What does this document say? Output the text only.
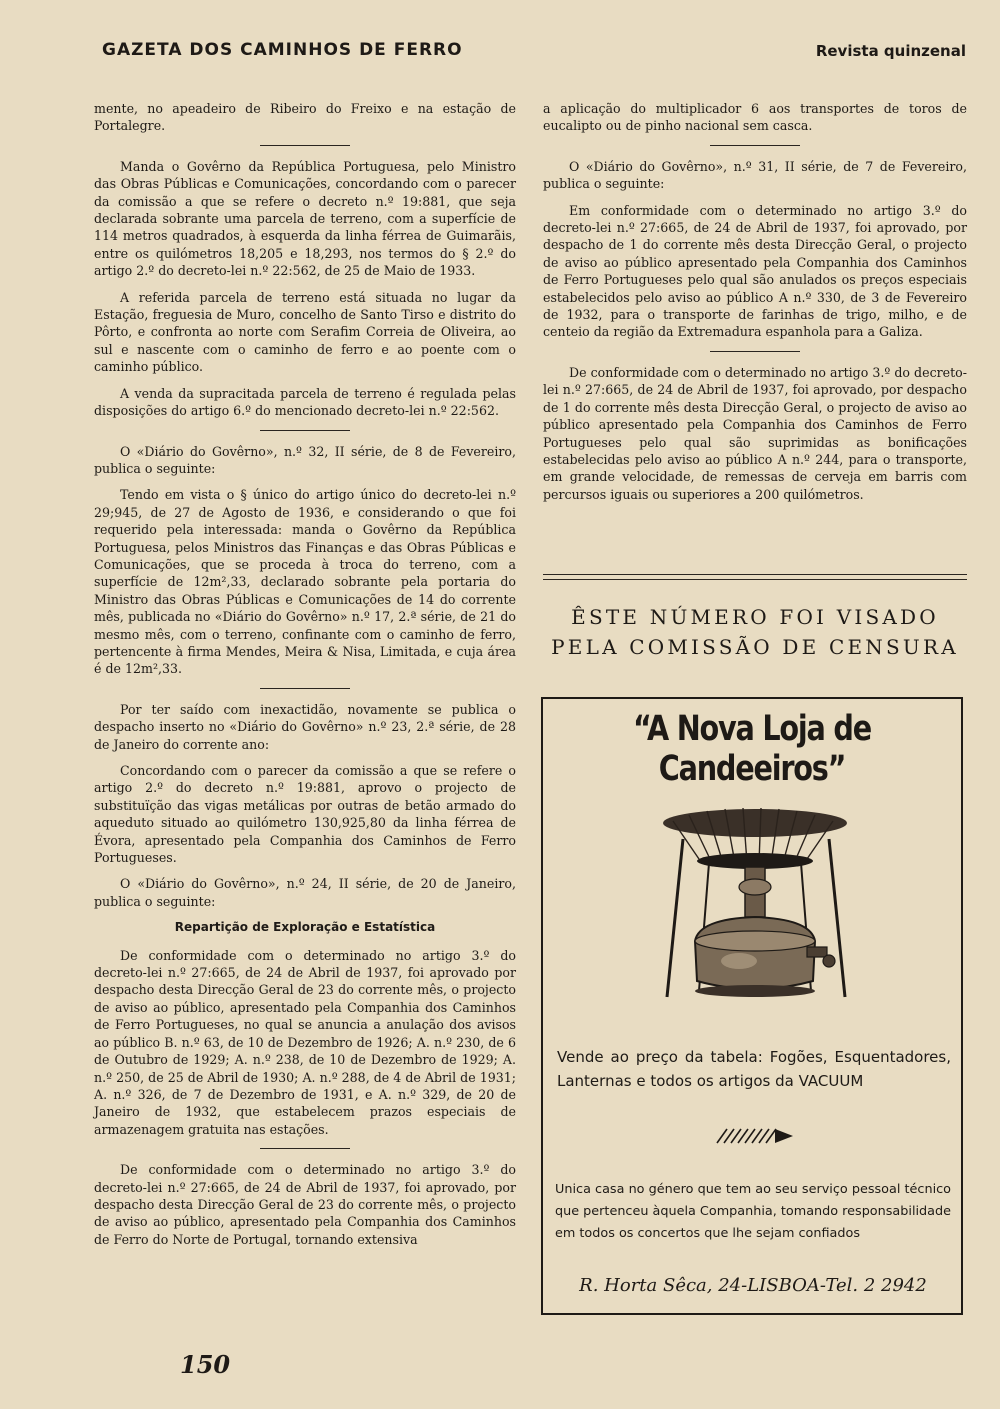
GAZETA DOS CAMINHOS DE FERRO	Revista quinzenal

mente, no apeadeiro de Ribeiro do Freixo e na estação de Portalegre.

Manda o Govêrno da República Portuguesa, pelo Ministro das Obras Públicas e Comunicações, concordando com o parecer da comissão a que se refere o decreto n.º 19:881, que seja declarada sobrante uma parcela de terreno, com a superfície de 114 metros quadrados, à esquerda da linha férrea de Guimarãis, entre os quilómetros 18,205 e 18,293, nos termos do § 2.º do artigo 2.º do decreto-lei n.º 22:562, de 25 de Maio de 1933.

A referida parcela de terreno está situada no lugar da Estação, freguesia de Muro, concelho de Santo Tirso e distrito do Pôrto, e confronta ao norte com Serafim Correia de Oliveira, ao sul e nascente com o caminho de ferro e ao poente com o caminho público.

A venda da supracitada parcela de terreno é regulada pelas disposições do artigo 6.º do mencionado decreto-lei n.º 22:562.

O «Diário do Govêrno», n.º 32, II série, de 8 de Fevereiro, publica o seguinte:

Tendo em vista o § único do artigo único do decreto-lei n.º 29;945, de 27 de Agosto de 1936, e considerando o que foi requerido pela interessada: manda o Govêrno da República Portuguesa, pelos Ministros das Finanças e das Obras Públicas e Comunicações, que se proceda à troca do terreno, com a superfície de 12m²,33, declarado sobrante pela portaria do Ministro das Obras Públicas e Comunicações de 14 do corrente mês, publicada no «Diário do Govêrno» n.º 17, 2.ª série, de 21 do mesmo mês, com o terreno, confinante com o caminho de ferro, pertencente à firma Mendes, Meira & Nisa, Limitada, e cuja área é de 12m²,33.

Por ter saído com inexactidão, novamente se publica o despacho inserto no «Diário do Govêrno» n.º 23, 2.ª série, de 28 de Janeiro do corrente ano:

Concordando com o parecer da comissão a que se refere o artigo 2.º do decreto n.º 19:881, aprovo o projecto de substituïção das vigas metálicas por outras de betão armado do aqueduto situado ao quilómetro 130,925,80 da linha férrea de Évora, apresentado pela Companhia dos Caminhos de Ferro Portugueses.

O «Diário do Govêrno», n.º 24, II série, de 20 de Janeiro, publica o seguinte:

Repartição de Exploração e Estatística

De conformidade com o determinado no artigo 3.º do decreto-lei n.º 27:665, de 24 de Abril de 1937, foi aprovado por despacho desta Direcção Geral de 23 do corrente mês, o projecto de aviso ao público, apresentado pela Companhia dos Caminhos de Ferro Portugueses, no qual se anuncia a anulação dos avisos ao público B. n.º 63, de 10 de Dezembro de 1926; A. n.º 230, de 6 de Outubro de 1929; A. n.º 238, de 10 de Dezembro de 1929; A. n.º 250, de 25 de Abril de 1930; A. n.º 288, de 4 de Abril de 1931; A. n.º 326, de 7 de Dezembro de 1931, e A. n.º 329, de 20 de Janeiro de 1932, que estabelecem prazos especiais de armazenagem gratuita nas estações.

De conformidade com o determinado no artigo 3.º do decreto-lei n.º 27:665, de 24 de Abril de 1937, foi aprovado, por despacho desta Direcção Geral de 23 do corrente mês, o projecto de aviso ao público, apresentado pela Companhia dos Caminhos de Ferro do Norte de Portugal, tornando extensiva

a aplicação do multiplicador 6 aos transportes de toros de eucalipto ou de pinho nacional sem casca.

O «Diário do Govêrno», n.º 31, II série, de 7 de Fevereiro, publica o seguinte:

Em conformidade com o determinado no artigo 3.º do decreto-lei n.º 27:665, de 24 de Abril de 1937, foi aprovado, por despacho de 1 do corrente mês desta Direcção Geral, o projecto de aviso ao público apresentado pela Companhia dos Caminhos de Ferro Portugueses pelo qual são anulados os preços especiais estabelecidos pelo aviso ao público A n.º 330, de 3 de Fevereiro de 1932, para o transporte de farinhas de trigo, milho, e de centeio da região da Extremadura espanhola para a Galiza.

De conformidade com o determinado no artigo 3.º do decreto-lei n.º 27:665, de 24 de Abril de 1937, foi aprovado, por despacho de 1 do corrente mês desta Direcção Geral, o projecto de aviso ao público apresentado pela Companhia dos Caminhos de Ferro Portugueses pelo qual são suprimidas as bonificações estabelecidas pelo aviso ao público A n.º 244, para o transporte, em grande velocidade, de remessas de cerveja em barris com percursos iguais ou superiores a 200 quilómetros.

ÊSTE NÚMERO FOI VISADO
PELA COMISSÃO DE CENSURA
“A Nova Loja de Candeeiros”
Vende ao preço da tabela: Fogões, Esquentadores, Lanternas e todos os artigos da VACUUM
Unica casa no género que tem ao seu serviço pessoal técnico que pertenceu àquela Companhia, tomando responsabilidade em todos os concertos que lhe sejam confiados
R. Horta Sêca, 24-LISBOA-Tel. 2 2942
150
